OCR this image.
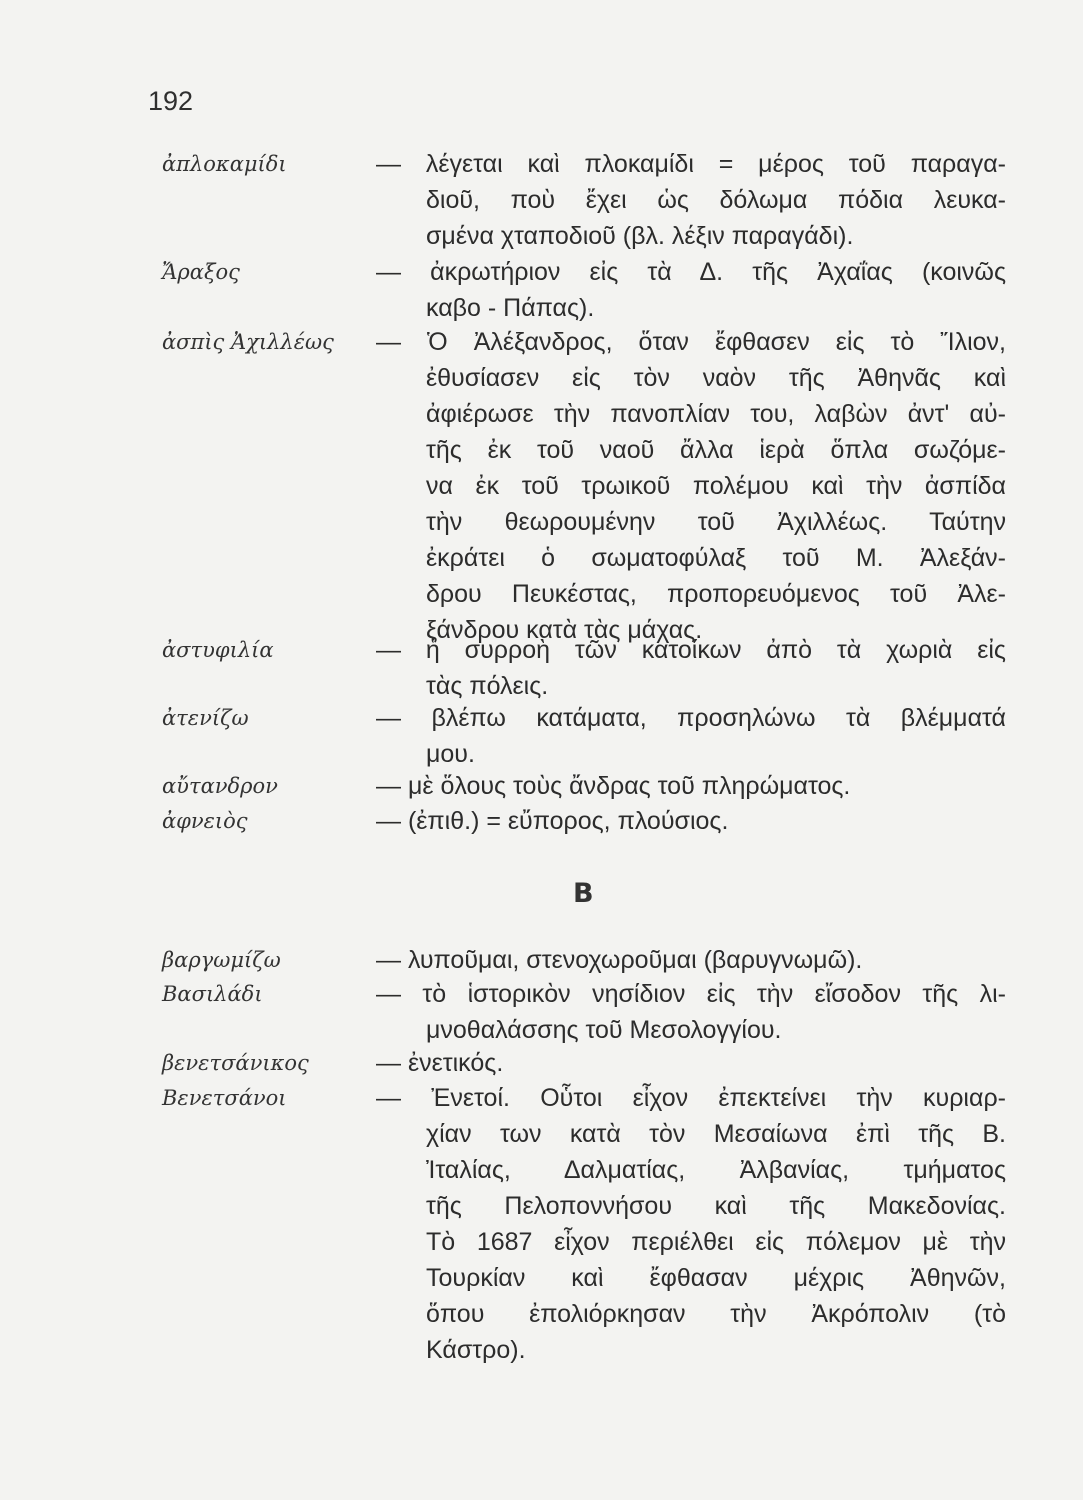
192
ἀπλοκαμίδι	— λέγεται καὶ πλοκαμίδι = μέρος τοῦ παραγα-
διοῦ, ποὺ ἔχει ὡς δόλωμα πόδια λευκα-
σμένα χταποδιοῦ (βλ. λέξιν παραγάδι).
Ἄραξος	— ἀκρωτήριον εἰς τὰ Δ. τῆς Ἀχαΐας (κοινῶς
καβο - Πάπας).
ἀσπὶς Ἀχιλλέως — Ὁ Ἀλέξανδρος, ὅταν ἔφθασεν εἰς τὸ Ἴλιον,
ἐθυσίασεν εἰς τὸν ναὸν τῆς Ἀθηνᾶς καὶ
ἀφιέρωσε τὴν πανοπλίαν του, λαβὼν ἀντ' αὐ-
τῆς ἐκ τοῦ ναοῦ ἄλλα ἱερὰ ὅπλα σωζόμε-
να ἐκ τοῦ τρωικοῦ πολέμου καὶ τὴν ἀσπίδα
τὴν θεωρουμένην τοῦ Ἀχιλλέως. Ταύτην
ἐκράτει ὁ σωματοφύλαξ τοῦ Μ. Ἀλεξάν-
δρου Πευκέστας, προπορευόμενος τοῦ Ἀλε-
ξάνδρου κατὰ τὰς μάχας.
ἀστυφιλία	— ἡ συρροὴ τῶν κατοίκων ἀπὸ τὰ χωριὰ εἰς
τὰς πόλεις.
ἀτενίζω	— βλέπω κατάματα, προσηλώνω τὰ βλέμματά
μου.
αὔτανδρον	— μὲ ὅλους τοὺς ἄνδρας τοῦ πληρώματος.
ἀφνειὸς	— (ἐπιθ.) = εὔπορος, πλούσιος.
Β
βαργωμίζω	— λυποῦμαι, στενοχωροῦμαι (βαρυγνωμῶ).
Βασιλάδι	— τὸ ἱστορικὸν νησίδιον εἰς τὴν εἴσοδον τῆς λι-
μνοθαλάσσης τοῦ Μεσολογγίου.
βενετσάνικος	— ἐνετικός.
Βενετσάνοι	— Ἐνετοί. Οὗτοι εἶχον ἐπεκτείνει τὴν κυριαρ-
χίαν των κατὰ τὸν Μεσαίωνα ἐπὶ τῆς Β.
Ἰταλίας, Δαλματίας, Ἀλβανίας, τμήματος
τῆς Πελοποννήσου καὶ τῆς Μακεδονίας.
Τὸ 1687 εἶχον περιέλθει εἰς πόλεμον μὲ τὴν
Τουρκίαν καὶ ἔφθασαν μέχρις Ἀθηνῶν,
ὅπου ἐπολιόρκησαν τὴν Ἀκρόπολιν (τὸ
Κάστρο).
